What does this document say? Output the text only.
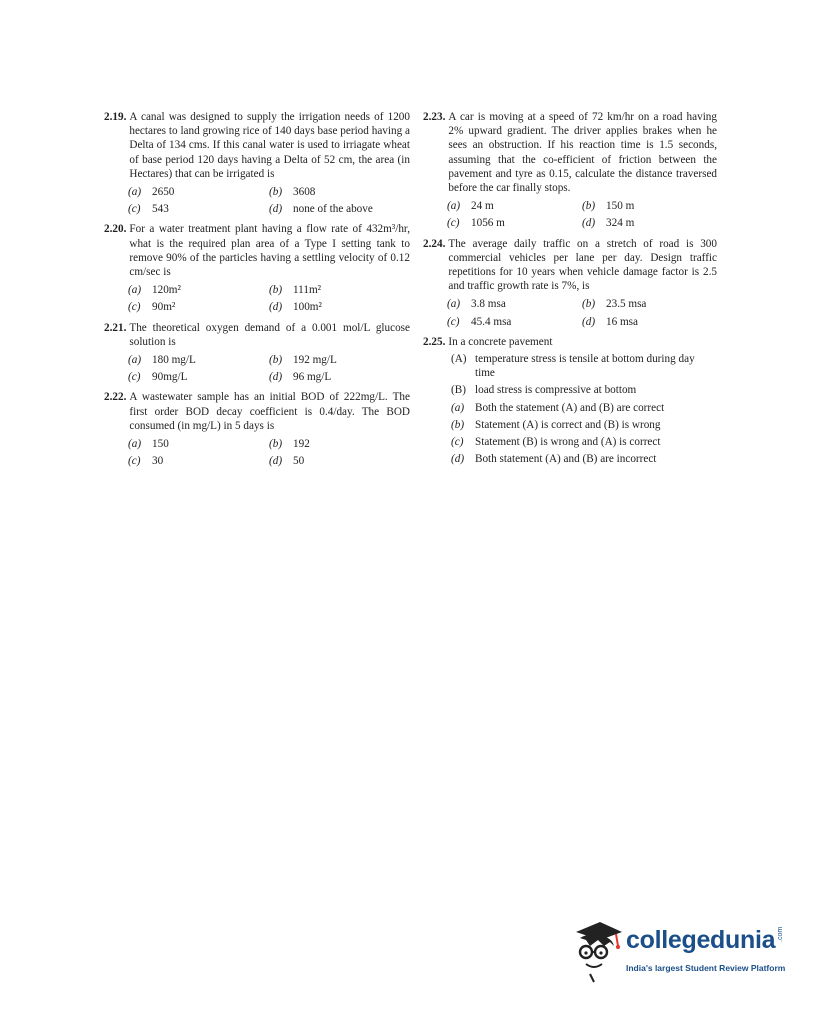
2.19. A canal was designed to supply the irrigation needs of 1200 hectares to land growing rice of 140 days base period having a Delta of 134 cms. If this canal water is used to irriagate wheat of base period 120 days having a Delta of 52 cm, the area (in Hectares) that can be irrigated is
(a) 2650	(b) 3608
(c)	543	(d) none of the above
2.20. For a water treatment plant having a flow rate of 432m³/hr, what is the required plan area of a Type I setting tank to remove 90% of the particles having a settling velocity of 0.12 cm/sec is
(a) 120m²	(b) 111m²
(c)	90m²	(d) 100m²
2.21. The theoretical oxygen demand of a 0.001 mol/L glucose solution is
(a) 180 mg/L	(b) 192 mg/L
(c)	90mg/L	(d) 96 mg/L
2.22. A wastewater sample has an initial BOD of 222mg/L. The first order BOD decay coefficient is 0.4/day. The BOD consumed (in mg/L) in 5 days is
(a) 150	(b) 192
(c)	30	(d) 50
2.23. A car is moving at a speed of 72 km/hr on a road having 2% upward gradient. The driver applies brakes when he sees an obstruction. If his reaction time is 1.5 seconds, assuming that the co-efficient of friction between the pavement and tyre as 0.15, calculate the distance traversed before the car finally stops.
(a) 24 m	(b) 150 m
(c)	1056 m	(d) 324 m
2.24. The average daily traffic on a stretch of road is 300 commercial vehicles per lane per day. Design traffic repetitions for 10 years when vehicle damage factor is 2.5 and traffic growth rate is 7%, is
(a) 3.8 msa	(b) 23.5 msa
(c)	45.4 msa	(d) 16 msa
2.25. In a concrete pavement
(A) temperature stress is tensile at bottom during day time
(B) load stress is compressive at bottom
(a) Both the statement (A) and (B) are correct
(b) Statement (A) is correct and (B) is wrong
(c)	Statement (B) is wrong and (A) is correct
(d) Both statement (A) and (B) are incorrect
collegedunia .com
India's largest Student Review Platform
